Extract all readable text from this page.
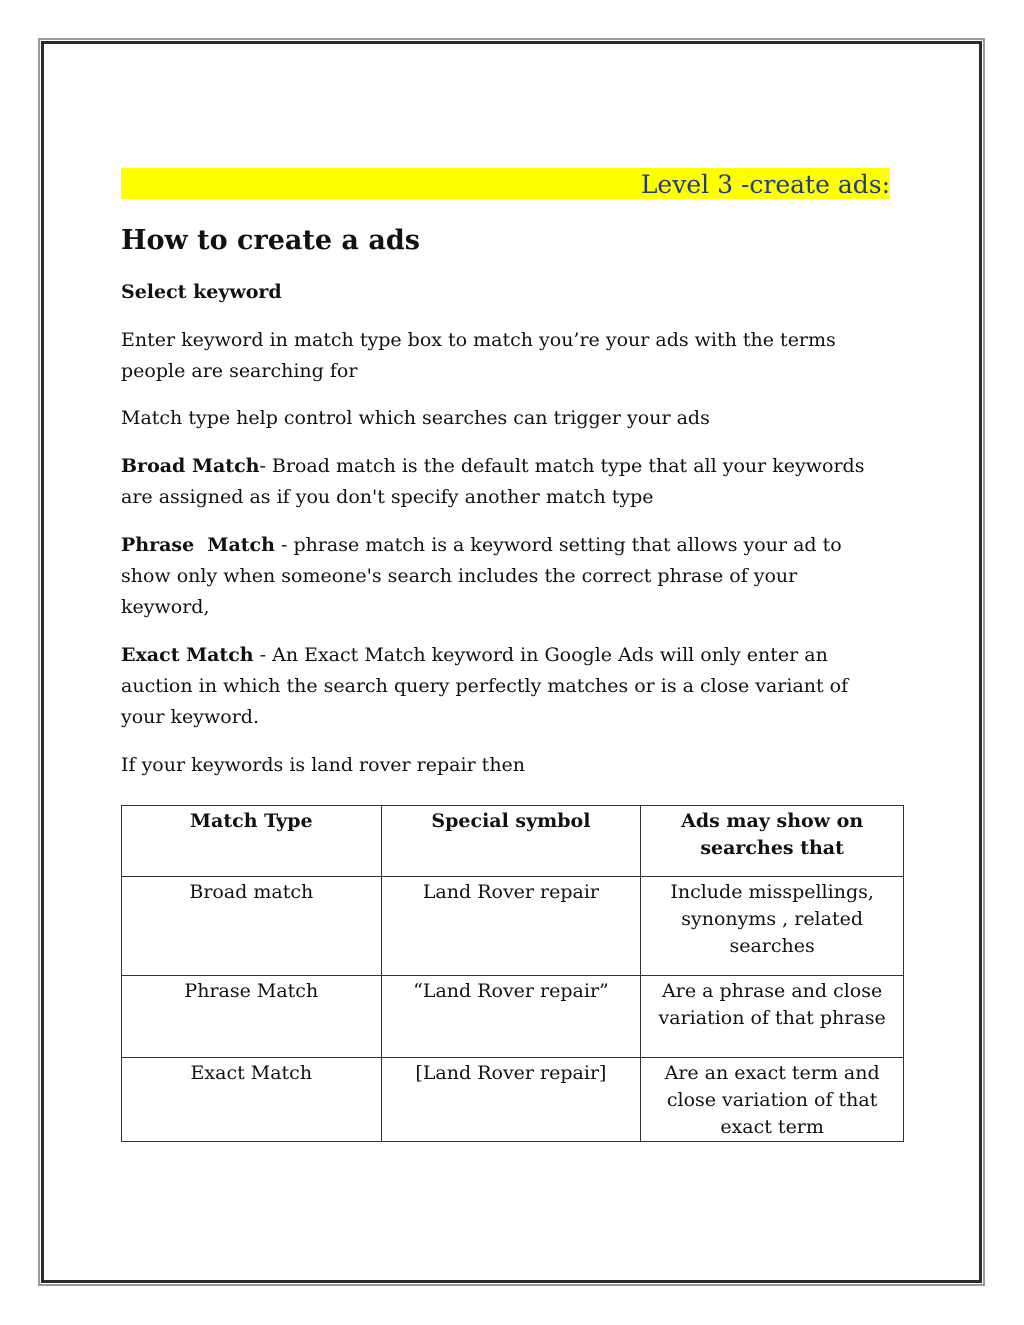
Level 3 -create ads:
How to create a ads
Select keyword

Enter keyword in match type box to match you’re your ads with the terms people are searching for

Match type help control which searches can trigger your ads

Broad Match- Broad match is the default match type that all your keywords are assigned as if you don't specify another match type

Phrase  Match - phrase match is a keyword setting that allows your ad to show only when someone's search includes the correct phrase of your keyword,

Exact Match - An Exact Match keyword in Google Ads will only enter an auction in which the search query perfectly matches or is a close variant of your keyword.

If your keywords is land rover repair then

Match Type	Special symbol	Ads may show on searches that
Broad match	Land Rover repair	Include misspellings, synonyms , related searches
Phrase Match	“Land Rover repair”	Are a phrase and close variation of that phrase
Exact Match	[Land Rover repair]	Are an exact term and close variation of that exact term
